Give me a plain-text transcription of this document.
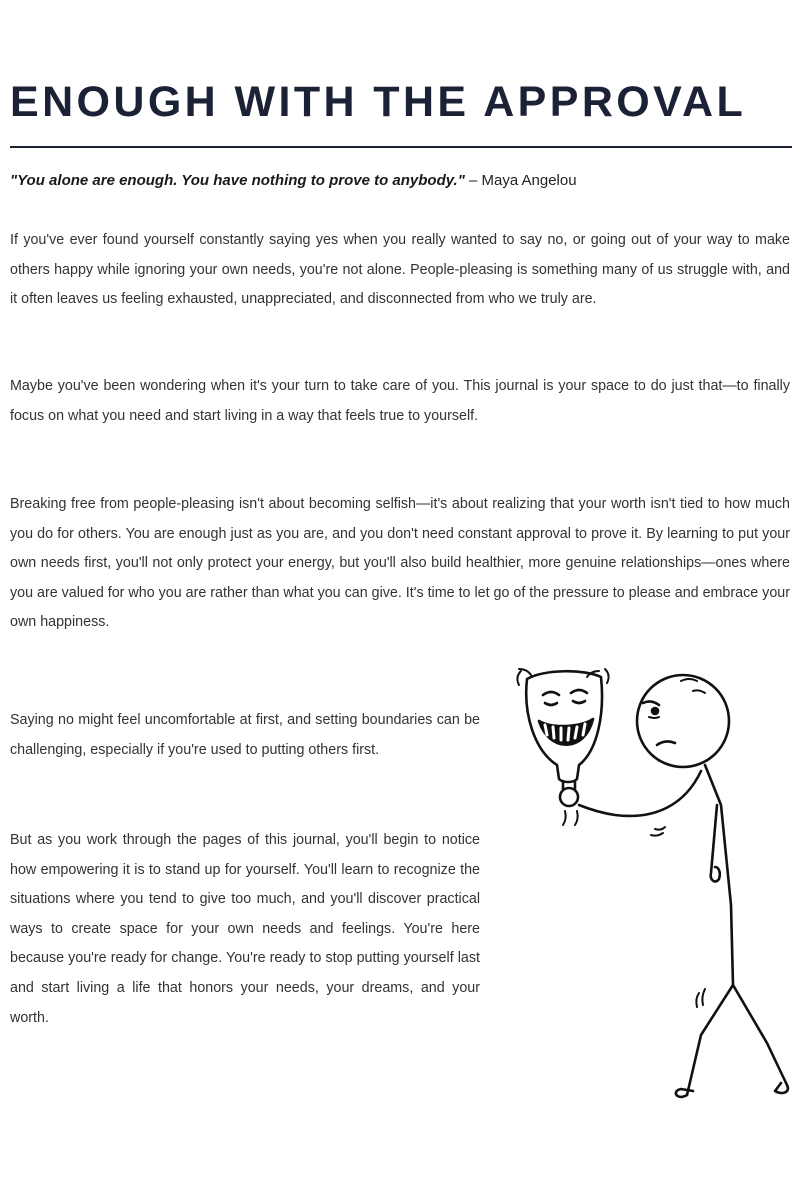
ENOUGH WITH THE APPROVAL

"You alone are enough. You have nothing to prove to anybody." – Maya Angelou

If you've ever found yourself constantly saying yes when you really wanted to say no, or going out of your way to make others happy while ignoring your own needs, you're not alone. People-pleasing is something many of us struggle with, and it often leaves us feeling exhausted, unappreciated, and disconnected from who we truly are.

Maybe you've been wondering when it's your turn to take care of you. This journal is your space to do just that—to finally focus on what you need and start living in a way that feels true to yourself.

Breaking free from people-pleasing isn't about becoming selfish—it's about realizing that your worth isn't tied to how much you do for others. You are enough just as you are, and you don't need constant approval to prove it. By learning to put your own needs first, you'll not only protect your energy, but you'll also build healthier, more genuine relationships—ones where you are valued for who you are rather than what you can give. It's time to let go of the pressure to please and embrace your own happiness.

Saying no might feel uncomfortable at first, and setting boundaries can be challenging, especially if you're used to putting others first.

But as you work through the pages of this journal, you'll begin to notice how empowering it is to stand up for yourself. You'll learn to recognize the situations where you tend to give too much, and you'll discover practical ways to create space for your own needs and feelings. You're here because you're ready for change. You're ready to stop putting yourself last and start living a life that honors your needs, your dreams, and your worth.
